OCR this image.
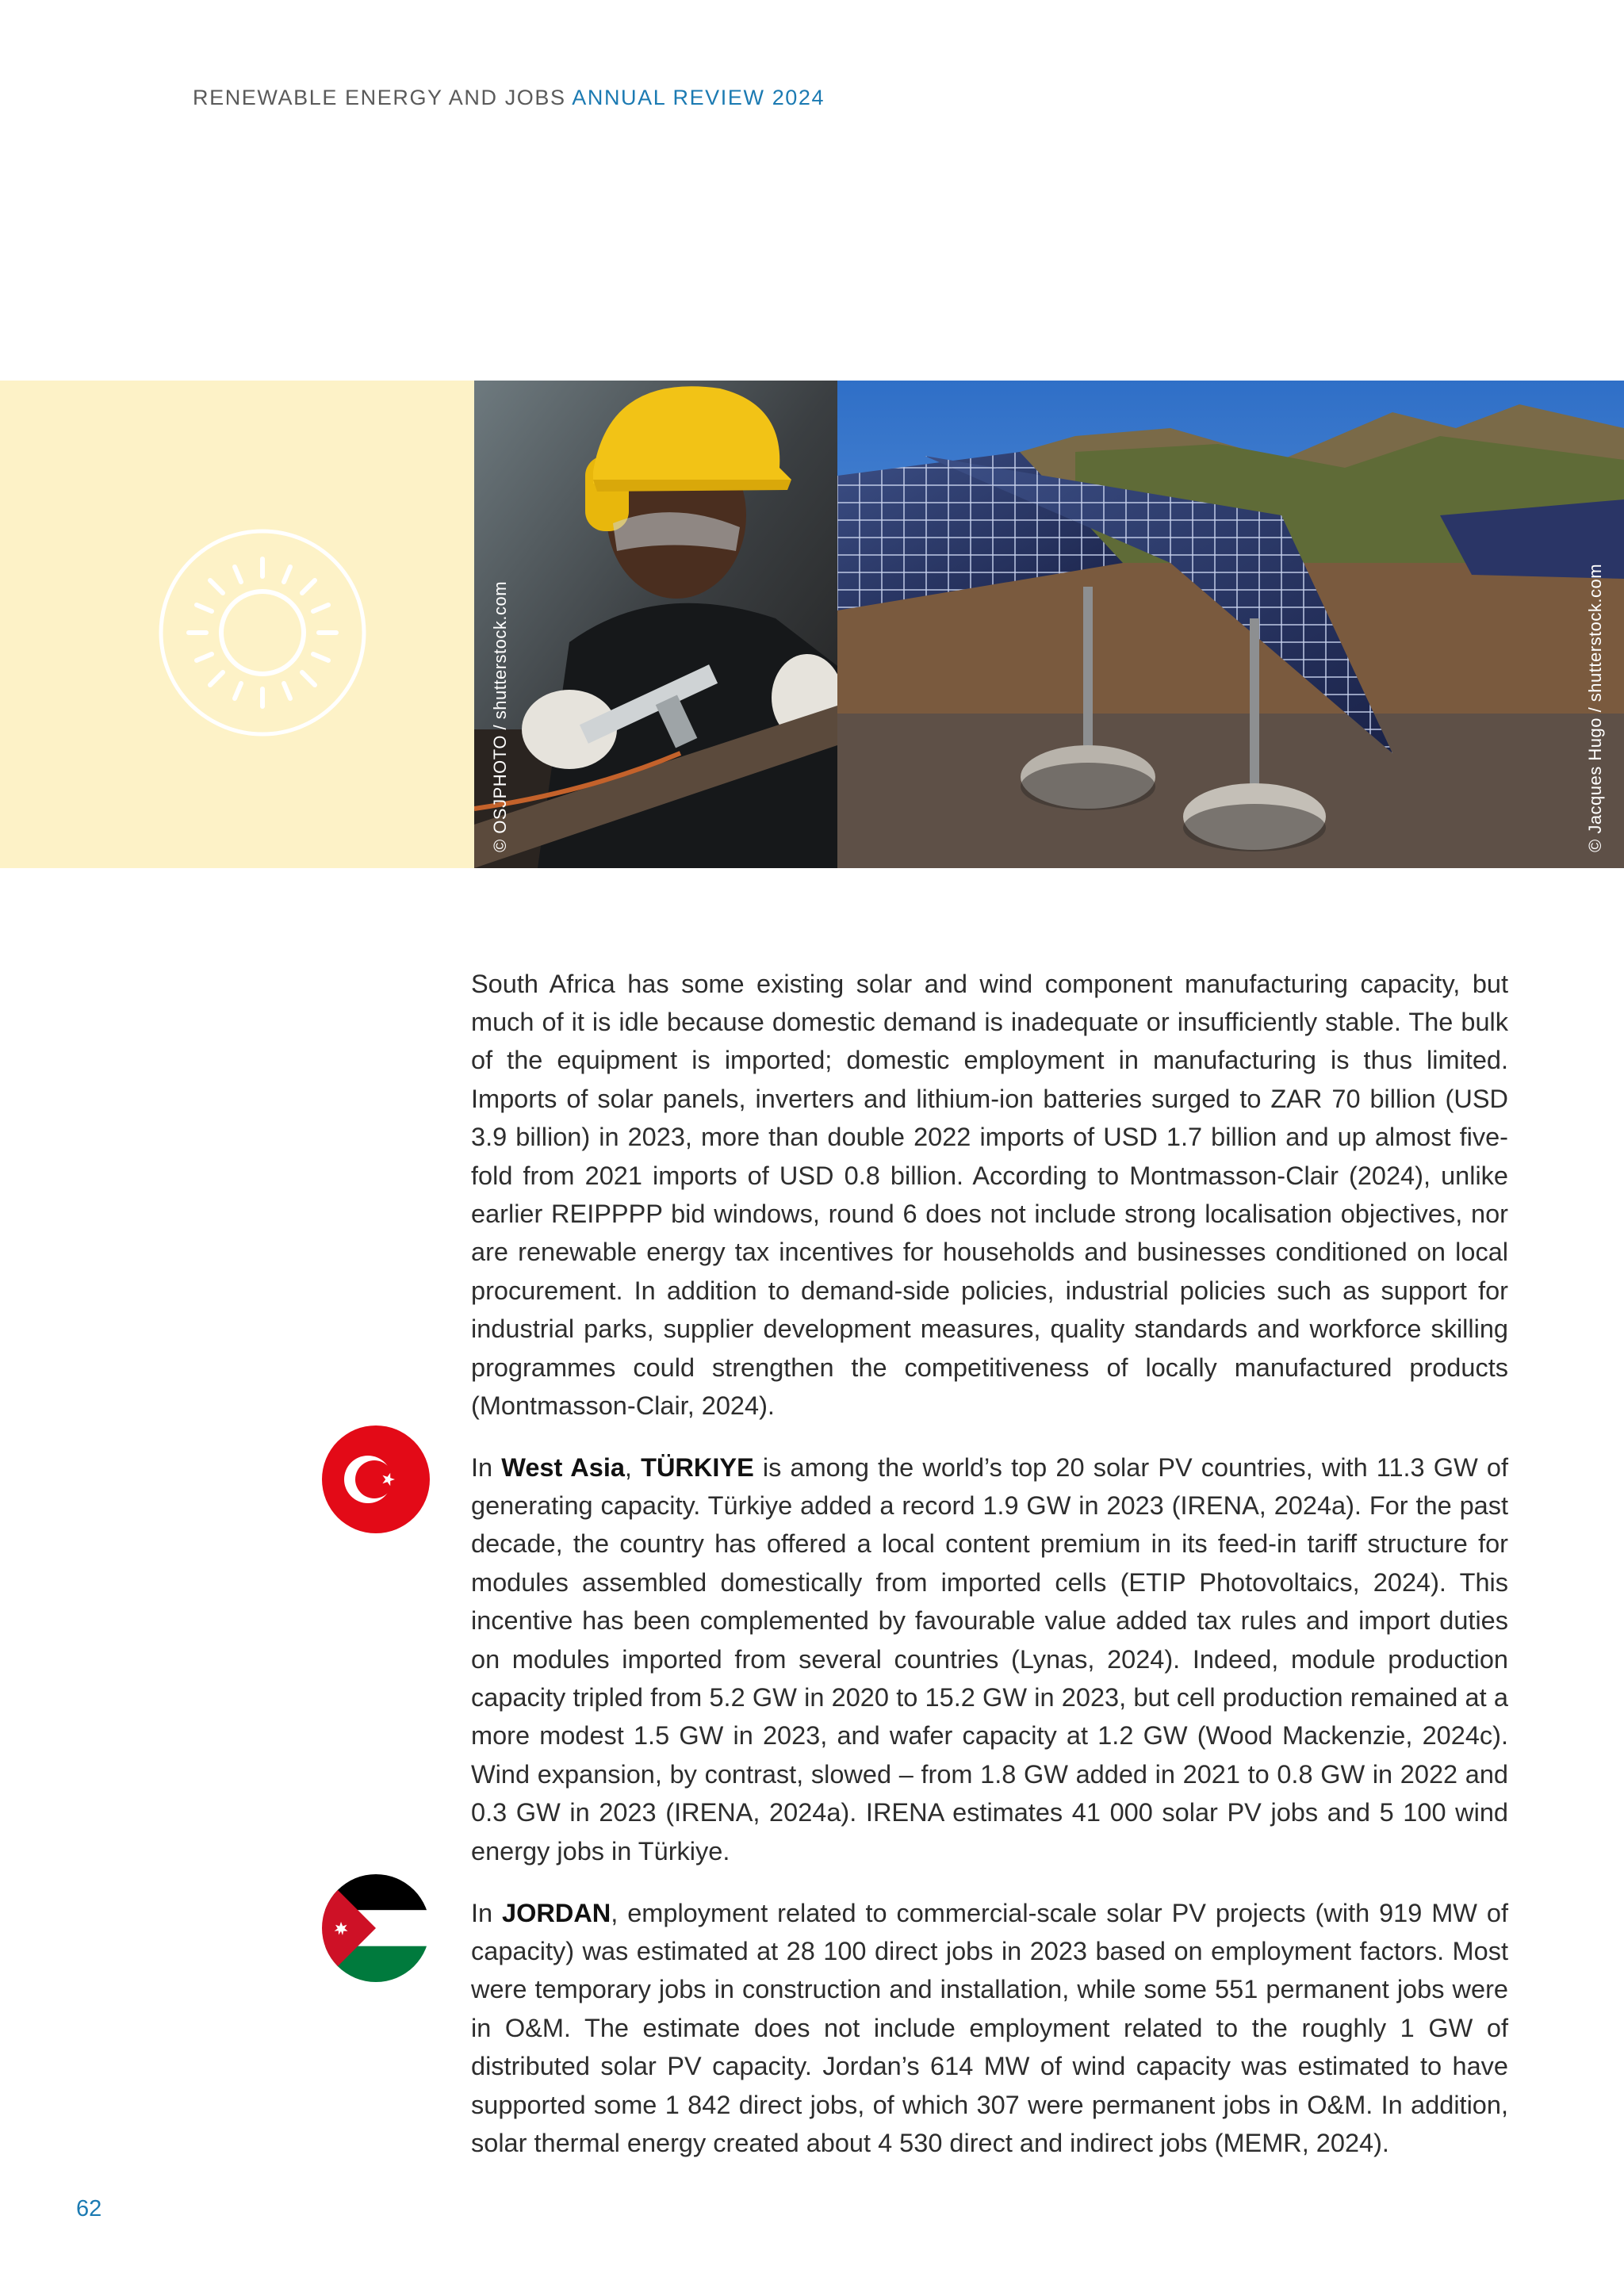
RENEWABLE ENERGY AND JOBS ANNUAL REVIEW 2024
© OSJPHOTO / shutterstock.com	© Jacques Hugo / shutterstock.com

South Africa has some existing solar and wind component manufacturing capacity, but much of it is idle because domestic demand is inadequate or insufficiently stable. The bulk of the equipment is imported; domestic employment in manufacturing is thus limited. Imports of solar panels, inverters and lithium-ion batteries surged to ZAR 70 billion (USD 3.9 billion) in 2023, more than double 2022 imports of USD 1.7 billion and up almost five-fold from 2021 imports of USD 0.8 billion. According to Montmasson-Clair (2024), unlike earlier REIPPPP bid windows, round 6 does not include strong localisation objectives, nor are renewable energy tax incentives for households and businesses conditioned on local procurement. In addition to demand-side policies, industrial policies such as support for industrial parks, supplier development measures, quality standards and workforce skilling programmes could strengthen the competitiveness of locally manufactured products (Montmasson-Clair, 2024).

In West Asia, TÜRKIYE is among the world’s top 20 solar PV countries, with 11.3 GW of generating capacity. Türkiye added a record 1.9 GW in 2023 (IRENA, 2024a). For the past decade, the country has offered a local content premium in its feed-in tariff structure for modules assembled domestically from imported cells (ETIP Photovoltaics, 2024). This incentive has been complemented by favourable value added tax rules and import duties on modules imported from several countries (Lynas, 2024). Indeed, module production capacity tripled from 5.2 GW in 2020 to 15.2 GW in 2023, but cell production remained at a more modest 1.5 GW in 2023, and wafer capacity at 1.2 GW (Wood Mackenzie, 2024c). Wind expansion, by contrast, slowed – from 1.8 GW added in 2021 to 0.8 GW in 2022 and 0.3 GW in 2023 (IRENA, 2024a). IRENA estimates 41 000 solar PV jobs and 5 100 wind energy jobs in Türkiye.

In JORDAN, employment related to commercial-scale solar PV projects (with 919 MW of capacity) was estimated at 28 100 direct jobs in 2023 based on employment factors. Most were temporary jobs in construction and installation, while some 551 permanent jobs were in O&M. The estimate does not include employment related to the roughly 1 GW of distributed solar PV capacity. Jordan’s 614 MW of wind capacity was estimated to have supported some 1 842 direct jobs, of which 307 were permanent jobs in O&M. In addition, solar thermal energy created about 4 530 direct and indirect jobs (MEMR, 2024).

62
